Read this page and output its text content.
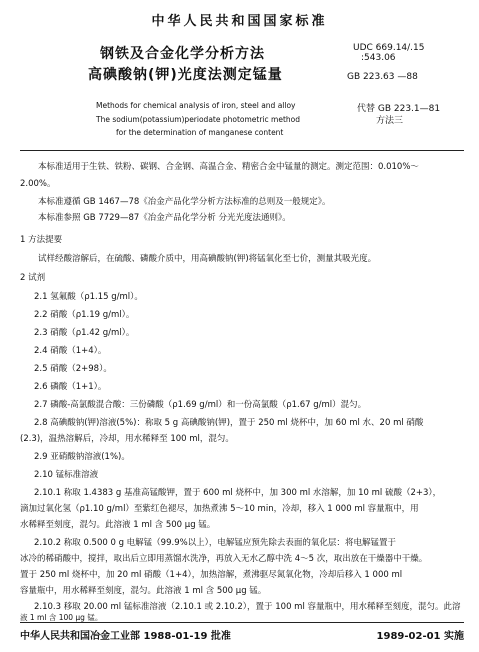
中华人民共和国国家标准
钢铁及合金化学分析方法
高碘酸钠(钾)光度法测定锰量
UDC 669.14/.15
:543.06
GB 223.63 —88
Methods for chemical analysis of iron, steel and alloy
The sodium(potassium)periodate photometric method
for the determination of manganese content
代替 GB 223.1—81
方法三
本标准适用于生铁、铁粉、碳钢、合金钢、高温合金、精密合金中锰量的测定。测定范围：0.010%～
2.00%。
本标准遵循 GB 1467—78《冶金产品化学分析方法标准的总则及一般规定》。
本标准参照 GB 7729—87《冶金产品化学分析 分光光度法通则》。
1 方法提要
试样经酸溶解后，在硫酸、磷酸介质中，用高碘酸钠(钾)将锰氧化至七价，测量其吸光度。
2 试剂
2.1 氢氟酸（ρ1.15 g/ml）。
2.2 硝酸（ρ1.19 g/ml）。
2.3 硝酸（ρ1.42 g/ml）。
2.4 硝酸（1+4）。
2.5 硝酸（2+98）。
2.6 磷酸（1+1）。
2.7 磷酸-高氯酸混合酸：三份磷酸（ρ1.69 g/ml）和一份高氯酸（ρ1.67 g/ml）混匀。
2.8 高碘酸钠(钾)溶液(5%)：称取 5 g 高碘酸钠(钾)，置于 250 ml 烧杯中，加 60 ml 水、20 ml 硝酸
(2.3)，温热溶解后，冷却，用水稀释至 100 ml，混匀。
2.9 亚硝酸钠溶液(1%)。
2.10 锰标准溶液
2.10.1 称取 1.4383 g 基准高锰酸钾，置于 600 ml 烧杯中，加 300 ml 水溶解，加 10 ml 硫酸（2+3），
滴加过氧化氢（ρ1.10 g/ml）至紫红色褪尽，加热煮沸 5～10 min，冷却，移入 1 000 ml 容量瓶中，用
水稀释至刻度，混匀。此溶液 1 ml 含 500 μg 锰。
2.10.2 称取 0.500 0 g 电解锰（99.9%以上），电解锰应预先除去表面的氧化层：将电解锰置于
冰冷的稀硝酸中，搅拌，取出后立即用蒸馏水洗净，再放入无水乙醇中洗 4～5 次，取出放在干燥器中干燥。
置于 250 ml 烧杯中，加 20 ml 硝酸（1+4），加热溶解，煮沸驱尽氮氧化物，冷却后移入 1 000 ml
容量瓶中，用水稀释至刻度，混匀。此溶液 1 ml 含 500 μg 锰。
2.10.3 移取 20.00 ml 锰标准溶液（2.10.1 或 2.10.2），置于 100 ml 容量瓶中，用水稀释至刻度，混匀。此溶
液 1 ml 含 100 μg 锰。
中华人民共和国冶金工业部 1988-01-19 批准	1989-02-01 实施
